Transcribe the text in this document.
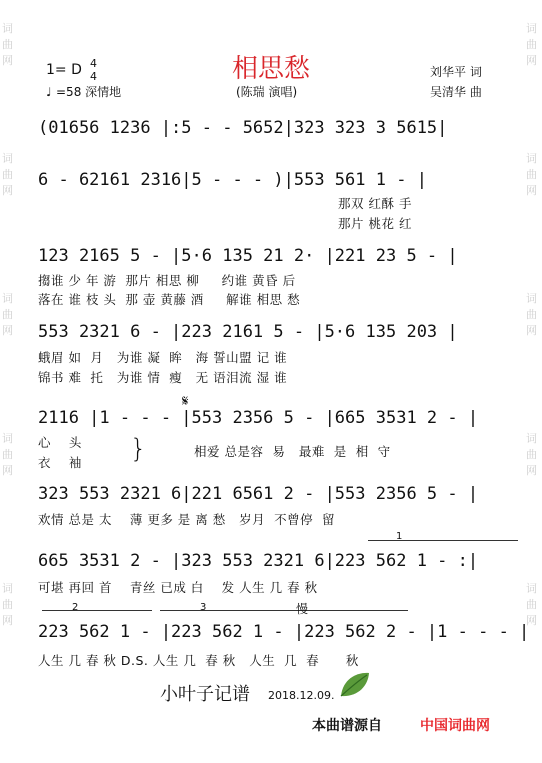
词
曲
网
词
曲
网
词
曲
网
词
曲
网
词
曲
网
词
曲
网
词
曲
网
词
曲
网
词
曲
网
词
曲
网
相思愁
1= D 4
4
♩ =58 深情地	(陈瑞 演唱)
刘华平 词
吴清华 曲
(01656 1236 |:5 - - 5652|323 323 3 5615|
6 - 62161 2316|5 - - - )|553 561 1 - |
那双 红酥 手
那片 桃花 红
123 2165 5 - |5·6 135 21 2· |221 23 5 - |
搊谁 少 年 游  那片 相思 柳     约谁 黄昏 后
落在 谁 枝 头  那 壶 黄藤 酒     解谁 相思 愁
553 2321 6 - |223 2161 5 - |5·6 135 203 |
蛾眉 如  月   为谁 凝  眸   海 誓山盟 记 谁
锦书 难  托   为谁 情  瘦   无 语泪流 湿 谁
𝄋
2116 |1 - - - |553 2356 5 - |665 3531 2 - |
心    头
衣    袖 }	相爱 总是容  易   最难  是  相  守
323 553 2321 6|221 6561 2 - |553 2356 5 - |
欢情 总是 太    薄 更多 是 离 愁   岁月  不曾停  留
1
665 3531 2 - |323 553 2321 6|223 562 1 - :|
可堪 再回 首    青丝 已成 白    发 人生 几 春 秋
2	3	慢
223 562 1 - |223 562 1 - |223 562 2 - |1 - - - |
人生 几 春 秋 D.S. 人生 几  春 秋   人生  几  春      秋
小叶子记谱 2018.12.09.
本曲谱源自	中国词曲网
